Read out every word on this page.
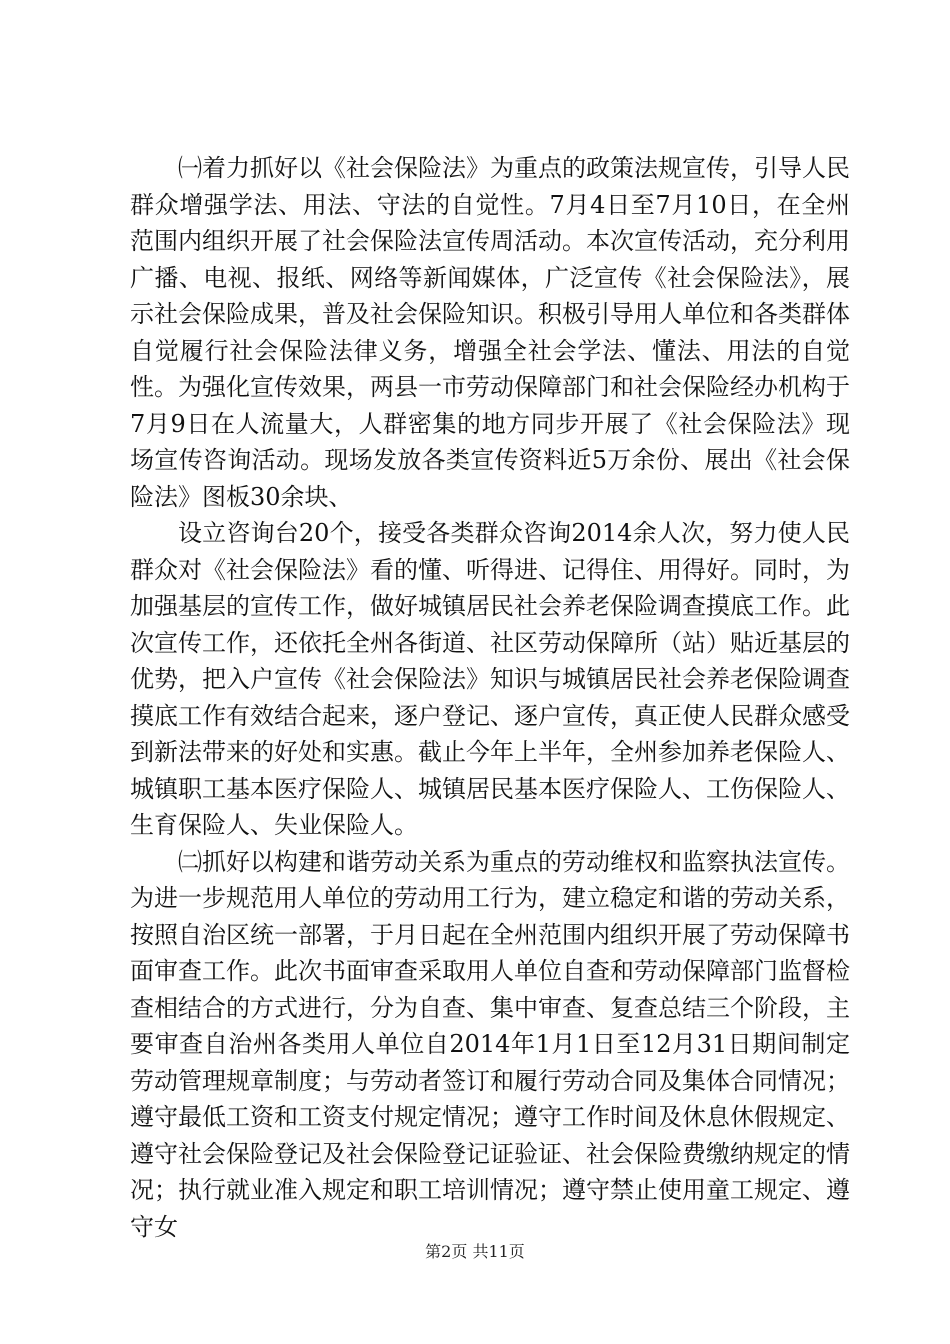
㈠着力抓好以《社会保险法》为重点的政策法规宣传，引导人民群众增强学法、用法、守法的自觉性。7月4日至7月10日，在全州范围内组织开展了社会保险法宣传周活动。本次宣传活动，充分利用广播、电视、报纸、网络等新闻媒体，广泛宣传《社会保险法》，展示社会保险成果，普及社会保险知识。积极引导用人单位和各类群体自觉履行社会保险法律义务，增强全社会学法、懂法、用法的自觉性。为强化宣传效果，两县一市劳动保障部门和社会保险经办机构于7月9日在人流量大，人群密集的地方同步开展了《社会保险法》现场宣传咨询活动。现场发放各类宣传资料近5万余份、展出《社会保险法》图板30余块、

设立咨询台20个，接受各类群众咨询2014余人次，努力使人民群众对《社会保险法》看的懂、听得进、记得住、用得好。同时，为加强基层的宣传工作，做好城镇居民社会养老保险调查摸底工作。此次宣传工作，还依托全州各街道、社区劳动保障所（站）贴近基层的优势，把入户宣传《社会保险法》知识与城镇居民社会养老保险调查摸底工作有效结合起来，逐户登记、逐户宣传，真正使人民群众感受到新法带来的好处和实惠。截止今年上半年，全州参加养老保险人、城镇职工基本医疗保险人、城镇居民基本医疗保险人、工伤保险人、生育保险人、失业保险人。

㈡抓好以构建和谐劳动关系为重点的劳动维权和监察执法宣传。为进一步规范用人单位的劳动用工行为，建立稳定和谐的劳动关系，按照自治区统一部署，于月日起在全州范围内组织开展了劳动保障书面审查工作。此次书面审查采取用人单位自查和劳动保障部门监督检查相结合的方式进行，分为自查、集中审查、复查总结三个阶段，主要审查自治州各类用人单位自2014年1月1日至12月31日期间制定劳动管理规章制度；与劳动者签订和履行劳动合同及集体合同情况；遵守最低工资和工资支付规定情况；遵守工作时间及休息休假规定、遵守社会保险登记及社会保险登记证验证、社会保险费缴纳规定的情况；执行就业准入规定和职工培训情况；遵守禁止使用童工规定、遵守女

第2页 共11页
